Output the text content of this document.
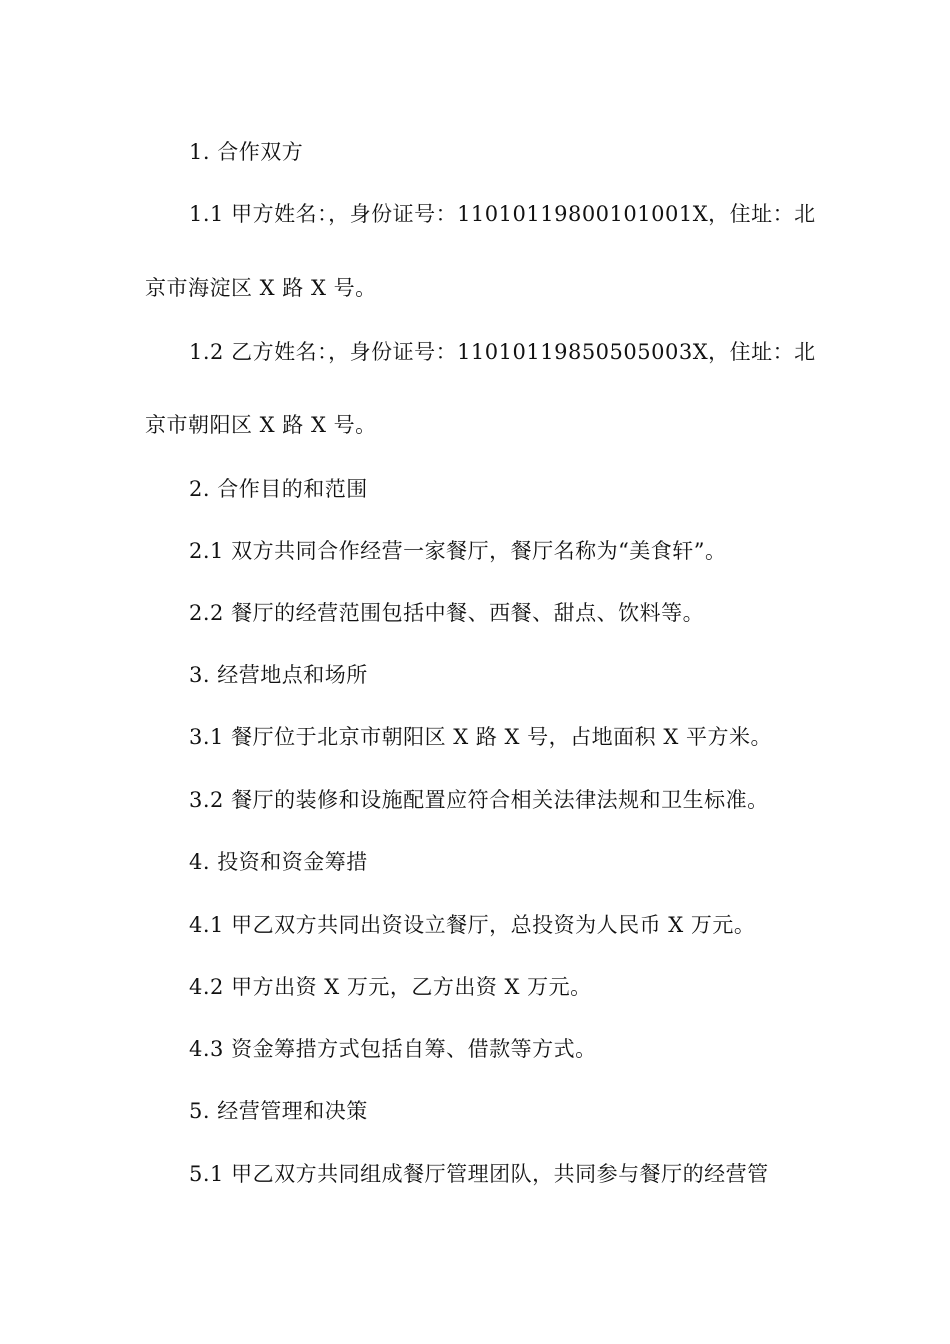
1. 合作双方
1.1 甲方姓名：，身份证号：11010119800101001X，住址：北
京市海淀区 X 路 X 号。
1.2 乙方姓名：，身份证号：11010119850505003X，住址：北
京市朝阳区 X 路 X 号。
2. 合作目的和范围
2.1 双方共同合作经营一家餐厅，餐厅名称为“美食轩”。
2.2 餐厅的经营范围包括中餐、西餐、甜点、饮料等。
3. 经营地点和场所
3.1 餐厅位于北京市朝阳区 X 路 X 号，占地面积 X 平方米。
3.2 餐厅的装修和设施配置应符合相关法律法规和卫生标准。
4. 投资和资金筹措
4.1 甲乙双方共同出资设立餐厅，总投资为人民币 X 万元。
4.2 甲方出资 X 万元，乙方出资 X 万元。
4.3 资金筹措方式包括自筹、借款等方式。
5. 经营管理和决策
5.1 甲乙双方共同组成餐厅管理团队，共同参与餐厅的经营管
